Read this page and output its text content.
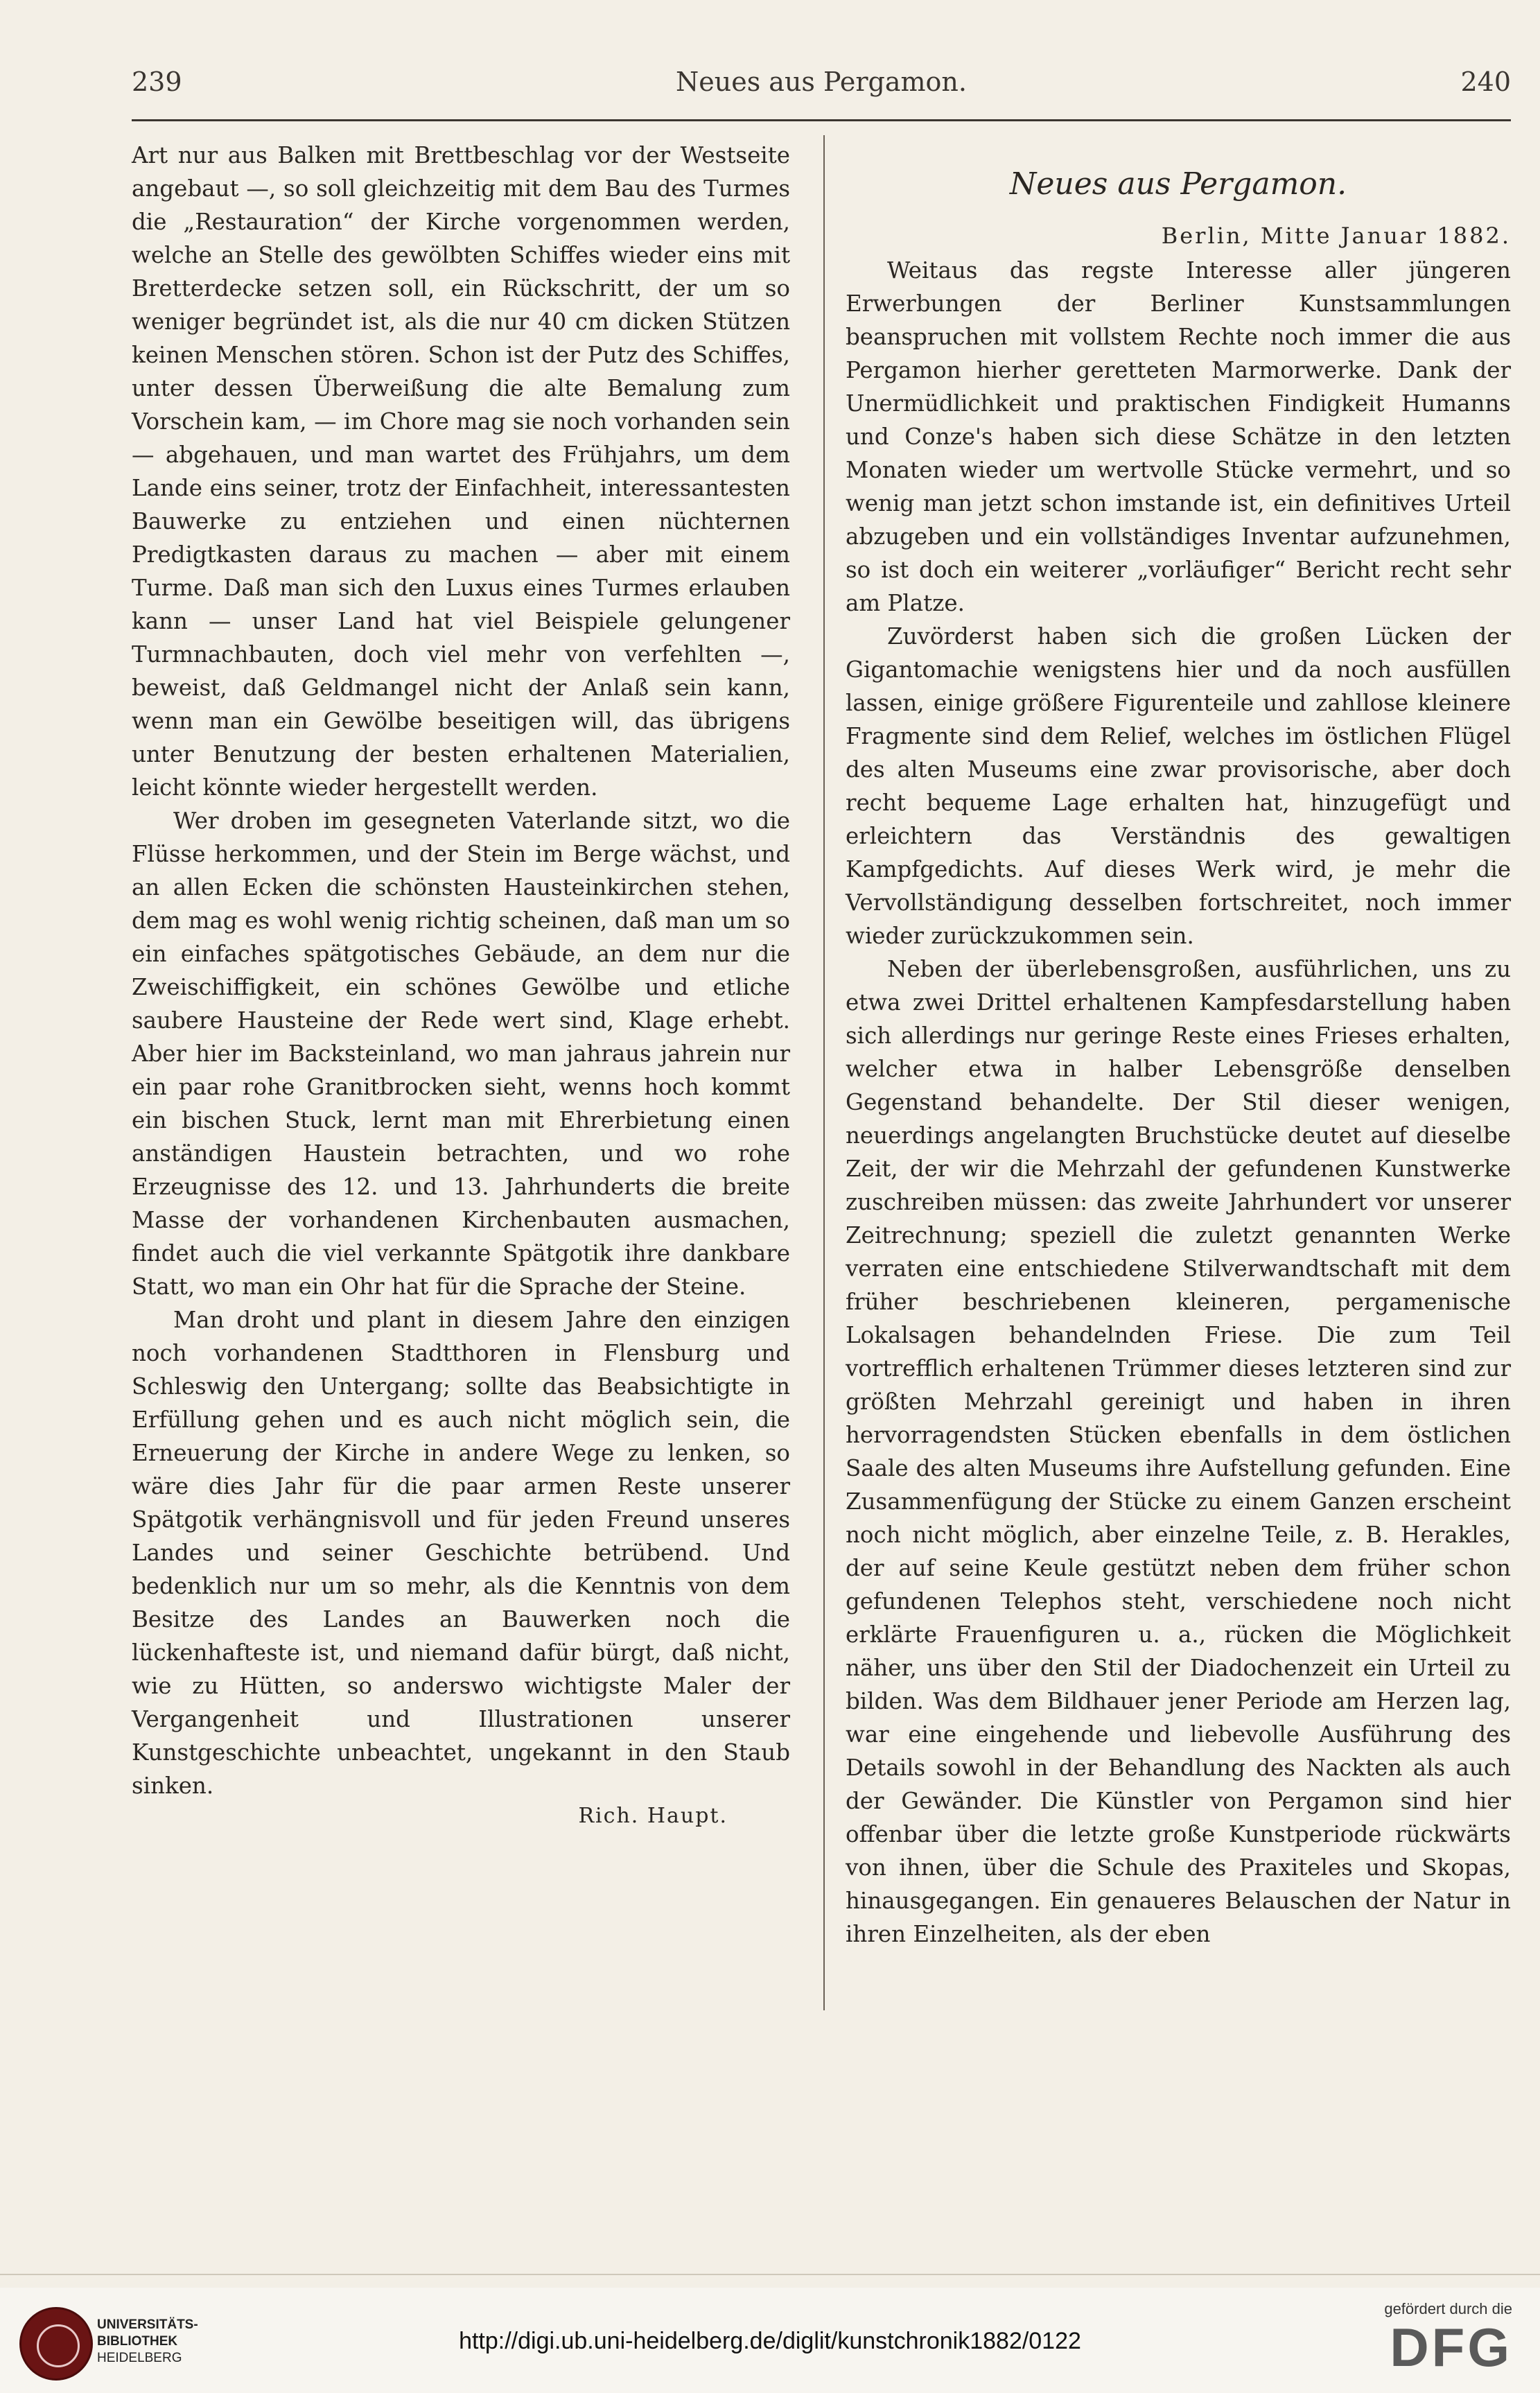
239	Neues aus Pergamon.	240

Art nur aus Balken mit Brettbeschlag vor der Westseite angebaut —, so soll gleichzeitig mit dem Bau des Turmes die „Restauration“ der Kirche vorgenommen werden, welche an Stelle des gewölbten Schiffes wieder eins mit Bretterdecke setzen soll, ein Rückschritt, der um so weniger begründet ist, als die nur 40 cm dicken Stützen keinen Menschen stören. Schon ist der Putz des Schiffes, unter dessen Überweißung die alte Bemalung zum Vorschein kam, — im Chore mag sie noch vorhanden sein — abgehauen, und man wartet des Frühjahrs, um dem Lande eins seiner, trotz der Einfachheit, interessantesten Bauwerke zu entziehen und einen nüchternen Predigtkasten daraus zu machen — aber mit einem Turme. Daß man sich den Luxus eines Turmes erlauben kann — unser Land hat viel Beispiele gelungener Turmnachbauten, doch viel mehr von verfehlten —, beweist, daß Geldmangel nicht der Anlaß sein kann, wenn man ein Gewölbe beseitigen will, das übrigens unter Benutzung der besten erhaltenen Materialien, leicht könnte wieder hergestellt werden.

Wer droben im gesegneten Vaterlande sitzt, wo die Flüsse herkommen, und der Stein im Berge wächst, und an allen Ecken die schönsten Hausteinkirchen stehen, dem mag es wohl wenig richtig scheinen, daß man um so ein einfaches spätgotisches Gebäude, an dem nur die Zweischiffigkeit, ein schönes Gewölbe und etliche saubere Hausteine der Rede wert sind, Klage erhebt. Aber hier im Backsteinland, wo man jahraus jahrein nur ein paar rohe Granitbrocken sieht, wenns hoch kommt ein bischen Stuck, lernt man mit Ehrerbietung einen anständigen Haustein betrachten, und wo rohe Erzeugnisse des 12. und 13. Jahrhunderts die breite Masse der vorhandenen Kirchenbauten ausmachen, findet auch die viel verkannte Spätgotik ihre dankbare Statt, wo man ein Ohr hat für die Sprache der Steine.

Man droht und plant in diesem Jahre den einzigen noch vorhandenen Stadtthoren in Flensburg und Schleswig den Untergang; sollte das Beabsichtigte in Erfüllung gehen und es auch nicht möglich sein, die Erneuerung der Kirche in andere Wege zu lenken, so wäre dies Jahr für die paar armen Reste unserer Spätgotik verhängnisvoll und für jeden Freund unseres Landes und seiner Geschichte betrübend. Und bedenklich nur um so mehr, als die Kenntnis von dem Besitze des Landes an Bauwerken noch die lückenhafteste ist, und niemand dafür bürgt, daß nicht, wie zu Hütten, so anderswo wichtigste Maler der Vergangenheit und Illustrationen unserer Kunstgeschichte unbeachtet, ungekannt in den Staub sinken.

Rich. Haupt.
Neues aus Pergamon.
Berlin, Mitte Januar 1882.

Weitaus das regste Interesse aller jüngeren Erwerbungen der Berliner Kunstsammlungen beanspruchen mit vollstem Rechte noch immer die aus Pergamon hierher geretteten Marmorwerke. Dank der Unermüdlichkeit und praktischen Findigkeit Humanns und Conze's haben sich diese Schätze in den letzten Monaten wieder um wertvolle Stücke vermehrt, und so wenig man jetzt schon imstande ist, ein definitives Urteil abzugeben und ein vollständiges Inventar aufzunehmen, so ist doch ein weiterer „vorläufiger“ Bericht recht sehr am Platze.

Zuvörderst haben sich die großen Lücken der Gigantomachie wenigstens hier und da noch ausfüllen lassen, einige größere Figurenteile und zahllose kleinere Fragmente sind dem Relief, welches im östlichen Flügel des alten Museums eine zwar provisorische, aber doch recht bequeme Lage erhalten hat, hinzugefügt und erleichtern das Verständnis des gewaltigen Kampfgedichts. Auf dieses Werk wird, je mehr die Vervollständigung desselben fortschreitet, noch immer wieder zurückzukommen sein.

Neben der überlebensgroßen, ausführlichen, uns zu etwa zwei Drittel erhaltenen Kampfesdarstellung haben sich allerdings nur geringe Reste eines Frieses erhalten, welcher etwa in halber Lebensgröße denselben Gegenstand behandelte. Der Stil dieser wenigen, neuerdings angelangten Bruchstücke deutet auf dieselbe Zeit, der wir die Mehrzahl der gefundenen Kunstwerke zuschreiben müssen: das zweite Jahrhundert vor unserer Zeitrechnung; speziell die zuletzt genannten Werke verraten eine entschiedene Stilverwandtschaft mit dem früher beschriebenen kleineren, pergamenische Lokalsagen behandelnden Friese. Die zum Teil vortrefflich erhaltenen Trümmer dieses letzteren sind zur größten Mehrzahl gereinigt und haben in ihren hervorragendsten Stücken ebenfalls in dem östlichen Saale des alten Museums ihre Aufstellung gefunden. Eine Zusammenfügung der Stücke zu einem Ganzen erscheint noch nicht möglich, aber einzelne Teile, z. B. Herakles, der auf seine Keule gestützt neben dem früher schon gefundenen Telephos steht, verschiedene noch nicht erklärte Frauenfiguren u. a., rücken die Möglichkeit näher, uns über den Stil der Diadochenzeit ein Urteil zu bilden. Was dem Bildhauer jener Periode am Herzen lag, war eine eingehende und liebevolle Ausführung des Details sowohl in der Behandlung des Nackten als auch der Gewänder. Die Künstler von Pergamon sind hier offenbar über die letzte große Kunstperiode rückwärts von ihnen, über die Schule des Praxiteles und Skopas, hinausgegangen. Ein genaueres Belauschen der Natur in ihren Einzelheiten, als der eben

UNIVERSITÄTS-
BIBLIOTHEK
HEIDELBERG
http://digi.ub.uni-heidelberg.de/diglit/kunstchronik1882/0122
gefördert durch die
DFG
